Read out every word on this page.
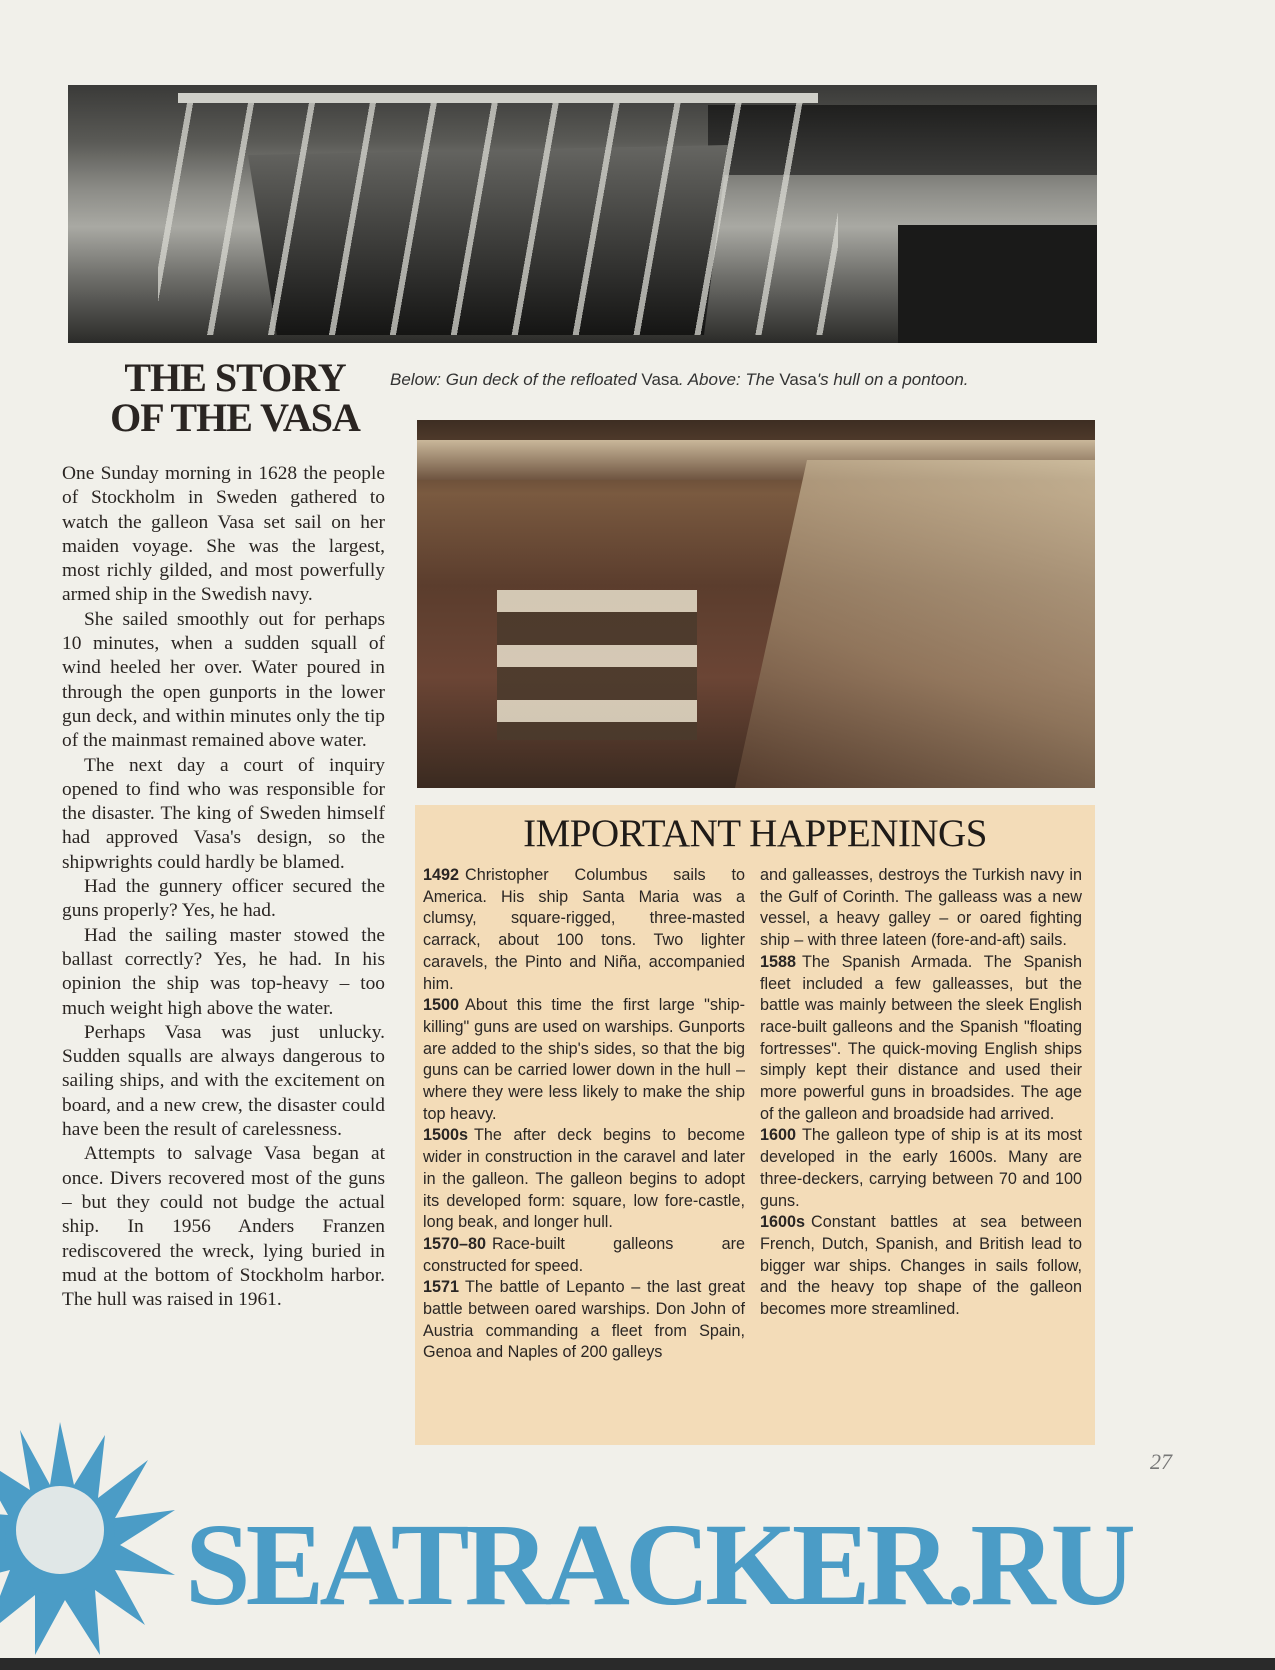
THE STORY
OF THE VASA
Below: Gun deck of the refloated Vasa. Above: The Vasa's hull on a pontoon.

One Sunday morning in 1628 the people of Stockholm in Sweden gathered to watch the galleon Vasa set sail on her maiden voyage. She was the largest, most richly gilded, and most powerfully armed ship in the Swedish navy.

She sailed smoothly out for perhaps 10 minutes, when a sudden squall of wind heeled her over. Water poured in through the open gunports in the lower gun deck, and within minutes only the tip of the mainmast remained above water.

The next day a court of inquiry opened to find who was responsible for the disaster. The king of Sweden himself had approved Vasa's design, so the shipwrights could hardly be blamed.

Had the gunnery officer secured the guns properly? Yes, he had.

Had the sailing master stowed the ballast correctly? Yes, he had. In his opinion the ship was top-heavy – too much weight high above the water.

Perhaps Vasa was just unlucky. Sudden squalls are always dangerous to sailing ships, and with the excitement on board, and a new crew, the disaster could have been the result of carelessness.

Attempts to salvage Vasa began at once. Divers recovered most of the guns – but they could not budge the actual ship. In 1956 Anders Franzen rediscovered the wreck, lying buried in mud at the bottom of Stockholm harbor. The hull was raised in 1961.

IMPORTANT HAPPENINGS

1492 Christopher Columbus sails to America. His ship Santa Maria was a clumsy, square-rigged, three-masted carrack, about 100 tons. Two lighter caravels, the Pinto and Niña, accompanied him.

1500 About this time the first large "ship-killing" guns are used on warships. Gunports are added to the ship's sides, so that the big guns can be carried lower down in the hull – where they were less likely to make the ship top heavy.

1500s The after deck begins to become wider in construction in the caravel and later in the galleon. The galleon begins to adopt its developed form: square, low fore-castle, long beak, and longer hull.

1570–80 Race-built galleons are constructed for speed.

1571 The battle of Lepanto – the last great battle between oared warships. Don John of Austria commanding a fleet from Spain, Genoa and Naples of 200 galleys

and galleasses, destroys the Turkish navy in the Gulf of Corinth. The galleass was a new vessel, a heavy galley – or oared fighting ship – with three lateen (fore-and-aft) sails.

1588 The Spanish Armada. The Spanish fleet included a few galleasses, but the battle was mainly between the sleek English race-built galleons and the Spanish "floating fortresses". The quick-moving English ships simply kept their distance and used their more powerful guns in broadsides. The age of the galleon and broadside had arrived.

1600 The galleon type of ship is at its most developed in the early 1600s. Many are three-deckers, carrying between 70 and 100 guns.

1600s Constant battles at sea between French, Dutch, Spanish, and British lead to bigger war ships. Changes in sails follow, and the heavy top shape of the galleon becomes more streamlined.

27
SEATRACKER.RU
